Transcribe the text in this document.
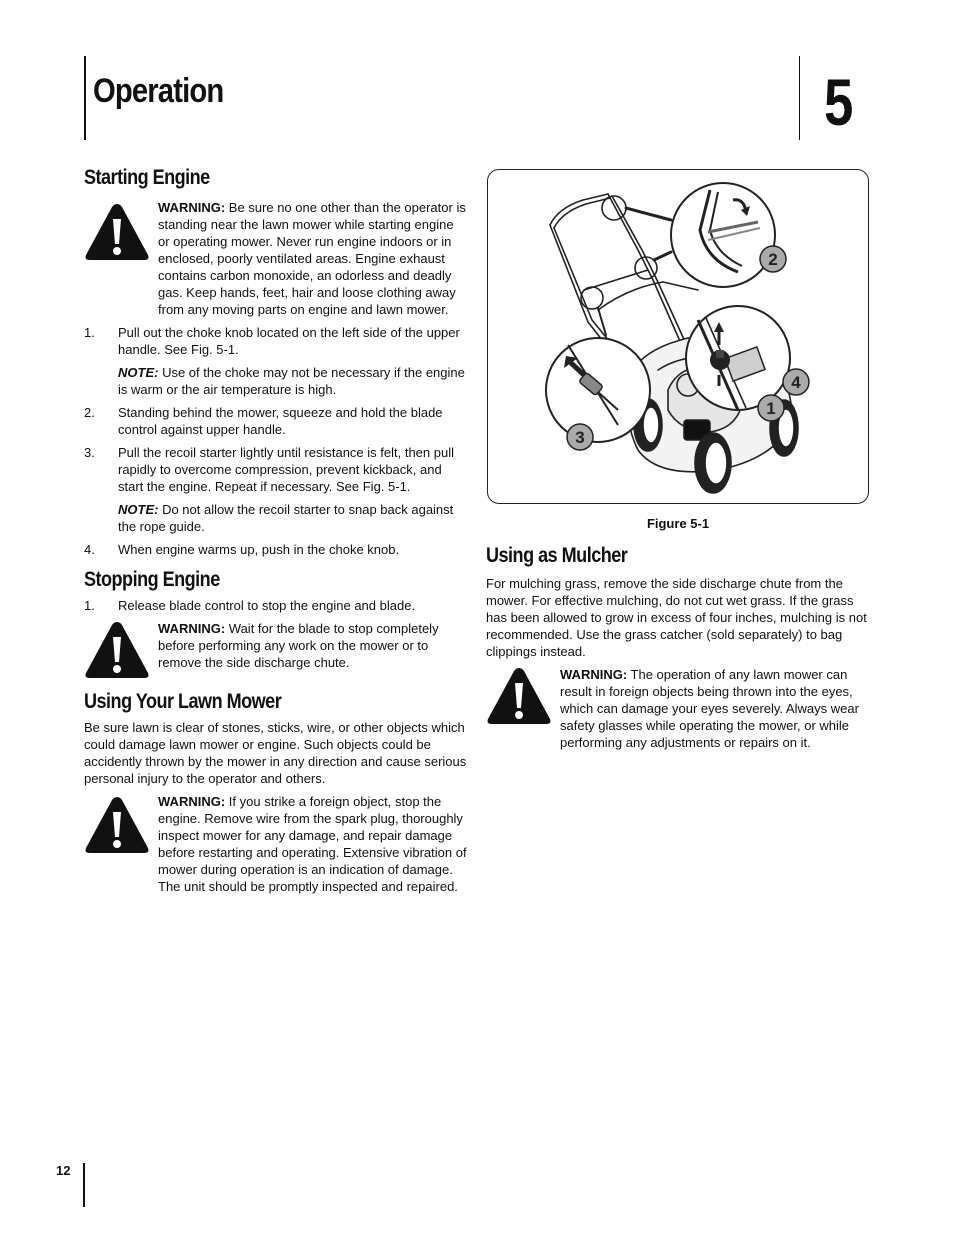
Operation	5
Starting Engine

WARNING: Be sure no one other than the operator is standing near the lawn mower while starting engine or operating mower. Never run engine indoors or in enclosed, poorly ventilated areas. Engine exhaust contains carbon monoxide, an odorless and deadly gas. Keep hands, feet, hair and loose clothing away from any moving parts on engine and lawn mower.

1.	Pull out the choke knob located on the left side of the upper handle. See Fig. 5-1.

NOTE: Use of the choke may not be necessary if the engine is warm or the air temperature is high.

2.	Standing behind the mower, squeeze and hold the blade control against upper handle.
3.	Pull the recoil starter lightly until resistance is felt, then pull rapidly to overcome compression, prevent kickback, and start the engine. Repeat if necessary. See Fig. 5-1.

NOTE: Do not allow the recoil starter to snap back against the rope guide.

4.	When engine warms up, push in the choke knob.
Stopping Engine
1.	Release blade control to stop the engine and blade.

WARNING: Wait for the blade to stop completely before performing any work on the mower or to remove the side discharge chute.

Using Your Lawn Mower

Be sure lawn is clear of stones, sticks, wire, or other objects which could damage lawn mower or engine. Such objects could be accidently thrown by the mower in any direction and cause serious personal injury to the operator and others.

WARNING: If you strike a foreign object, stop the engine. Remove wire from the spark plug, thoroughly inspect mower for any damage, and repair damage before restarting and operating. Extensive vibration of mower during operation is an indication of damage. The unit should be promptly inspected and repaired.

1
2
3
4
Figure 5-1
Using as Mulcher

For mulching grass, remove the side discharge chute from the mower. For effective mulching, do not cut wet grass. If the grass has been allowed to grow in excess of four inches, mulching is not recommended. Use the grass catcher (sold separately) to bag clippings instead.

WARNING: The operation of any lawn mower can result in foreign objects being thrown into the eyes, which can damage your eyes severely. Always wear safety glasses while operating the mower, or while performing any adjustments or repairs on it.

12
